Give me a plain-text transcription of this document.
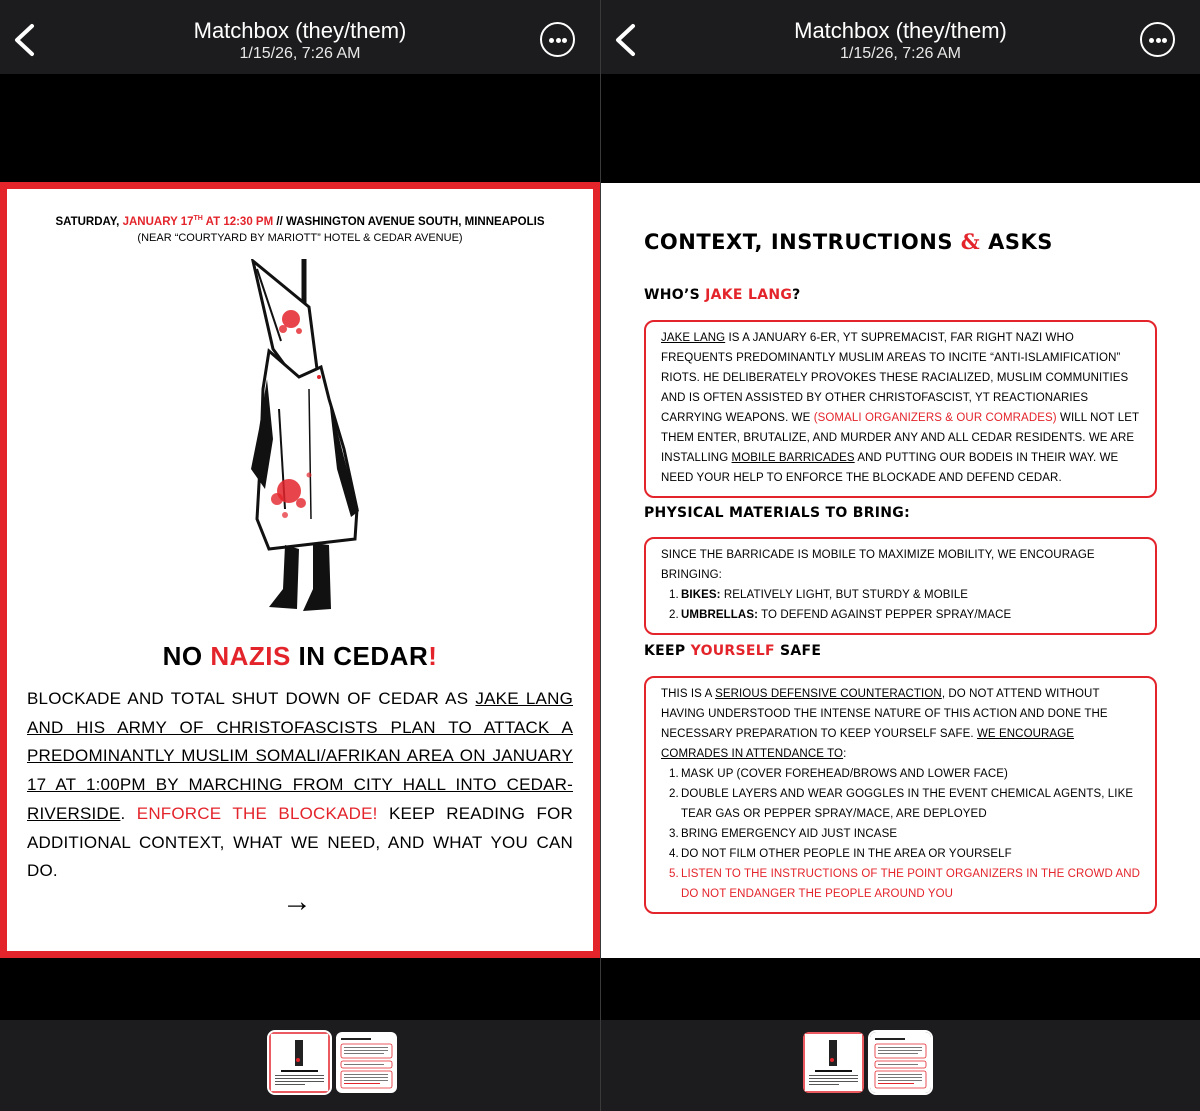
Matchbox (they/them)
1/15/26, 7:26 AM
SATURDAY, JANUARY 17TH AT 12:30 PM // WASHINGTON AVENUE SOUTH, MINNEAPOLIS
(NEAR “COURTYARD BY MARIOTT” HOTEL & CEDAR AVENUE)
NO NAZIS IN CEDAR!
BLOCKADE AND TOTAL SHUT DOWN OF CEDAR AS JAKE LANG AND HIS ARMY OF CHRISTOFASCISTS PLAN TO ATTACK A PREDOMINANTLY MUSLIM SOMALI/AFRIKAN AREA ON JANUARY 17 AT 1:00PM BY MARCHING FROM CITY HALL INTO CEDAR-RIVERSIDE. ENFORCE THE BLOCKADE! KEEP READING FOR ADDITIONAL CONTEXT, WHAT WE NEED, AND WHAT YOU CAN DO.
→
Matchbox (they/them)
1/15/26, 7:26 AM
CONTEXT, INSTRUCTIONS & ASKS
WHO’S JAKE LANG?

JAKE LANG IS A JANUARY 6-ER, YT SUPREMACIST, FAR RIGHT NAZI WHO FREQUENTS PREDOMINANTLY MUSLIM AREAS TO INCITE “ANTI-ISLAMIFICATION” RIOTS. HE DELIBERATELY PROVOKES THESE RACIALIZED, MUSLIM COMMUNITIES AND IS OFTEN ASSISTED BY OTHER CHRISTOFASCIST, YT REACTIONARIES CARRYING WEAPONS. WE (SOMALI ORGANIZERS & OUR COMRADES) WILL NOT LET THEM ENTER, BRUTALIZE, AND MURDER ANY AND ALL CEDAR RESIDENTS. WE ARE INSTALLING MOBILE BARRICADES AND PUTTING OUR BODEIS IN THEIR WAY. WE NEED YOUR HELP TO ENFORCE THE BLOCKADE AND DEFEND CEDAR.

PHYSICAL MATERIALS TO BRING:

SINCE THE BARRICADE IS MOBILE TO MAXIMIZE MOBILITY, WE ENCOURAGE BRINGING:

1. BIKES: RELATIVELY LIGHT, BUT STURDY & MOBILE
2. UMBRELLAS: TO DEFEND AGAINST PEPPER SPRAY/MACE
KEEP YOURSELF SAFE

THIS IS A SERIOUS DEFENSIVE COUNTERACTION, DO NOT ATTEND WITHOUT HAVING UNDERSTOOD THE INTENSE NATURE OF THIS ACTION AND DONE THE NECESSARY PREPARATION TO KEEP YOURSELF SAFE. WE ENCOURAGE COMRADES IN ATTENDANCE TO:

1. MASK UP (COVER FOREHEAD/BROWS AND LOWER FACE)
2. DOUBLE LAYERS AND WEAR GOGGLES IN THE EVENT CHEMICAL AGENTS, LIKE TEAR GAS OR PEPPER SPRAY/MACE, ARE DEPLOYED
3. BRING EMERGENCY AID JUST INCASE
4. DO NOT FILM OTHER PEOPLE IN THE AREA OR YOURSELF
5. LISTEN TO THE INSTRUCTIONS OF THE POINT ORGANIZERS IN THE CROWD AND DO NOT ENDANGER THE PEOPLE AROUND YOU
